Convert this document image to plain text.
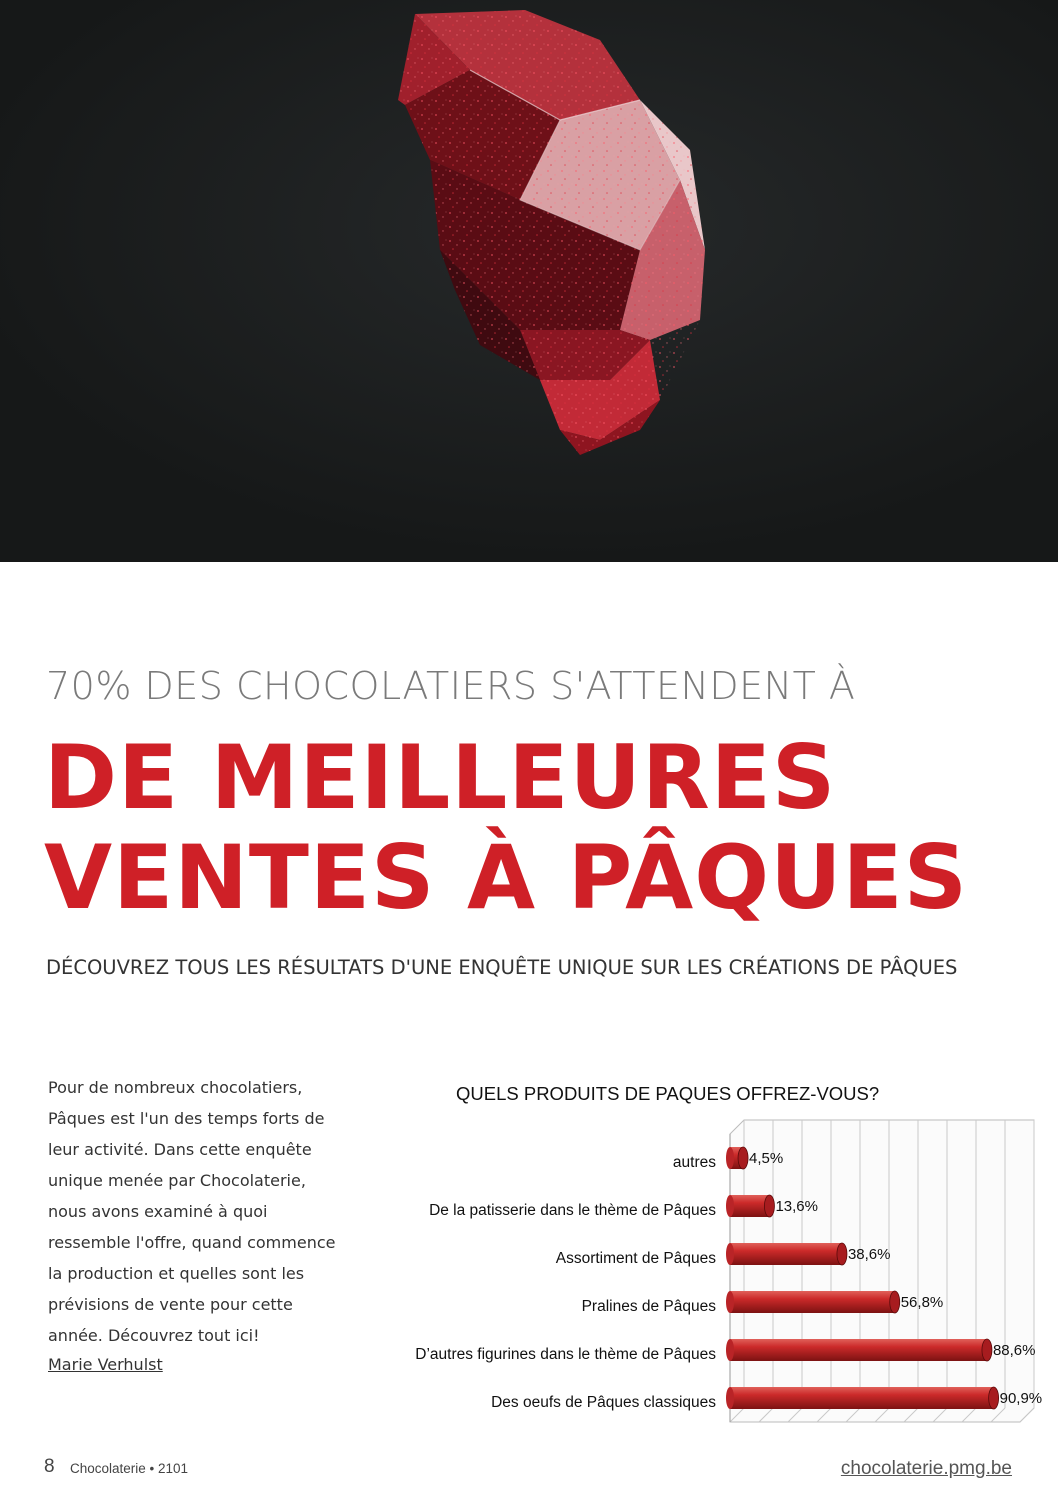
70% DES CHOCOLATIERS S'ATTENDENT À

DE MEILLEURES
VENTES À PÂQUES

DÉCOUVREZ TOUS LES RÉSULTATS D'UNE ENQUÊTE UNIQUE SUR LES CRÉATIONS DE PÂQUES

Pour de nombreux chocolatiers, Pâques est l'un des temps forts de leur activité. Dans cette enquête unique menée par Chocolaterie, nous avons examiné à quoi ressemble l'offre, quand commence la production et quelles sont les prévisions de vente pour cette année. Découvrez tout ici!

Marie Verhulst
QUELS PRODUITS DE PAQUES OFFREZ-VOUS?
4,5%
13,6%
38,6%
56,8%
88,6%
90,9%
autres
De la patisserie dans le thème de Pâques
Assortiment de Pâques
Pralines de Pâques
D’autres figurines dans le thème de Pâques
Des oeufs de Pâques classiques
8 Chocolaterie • 2101	chocolaterie.pmg.be
